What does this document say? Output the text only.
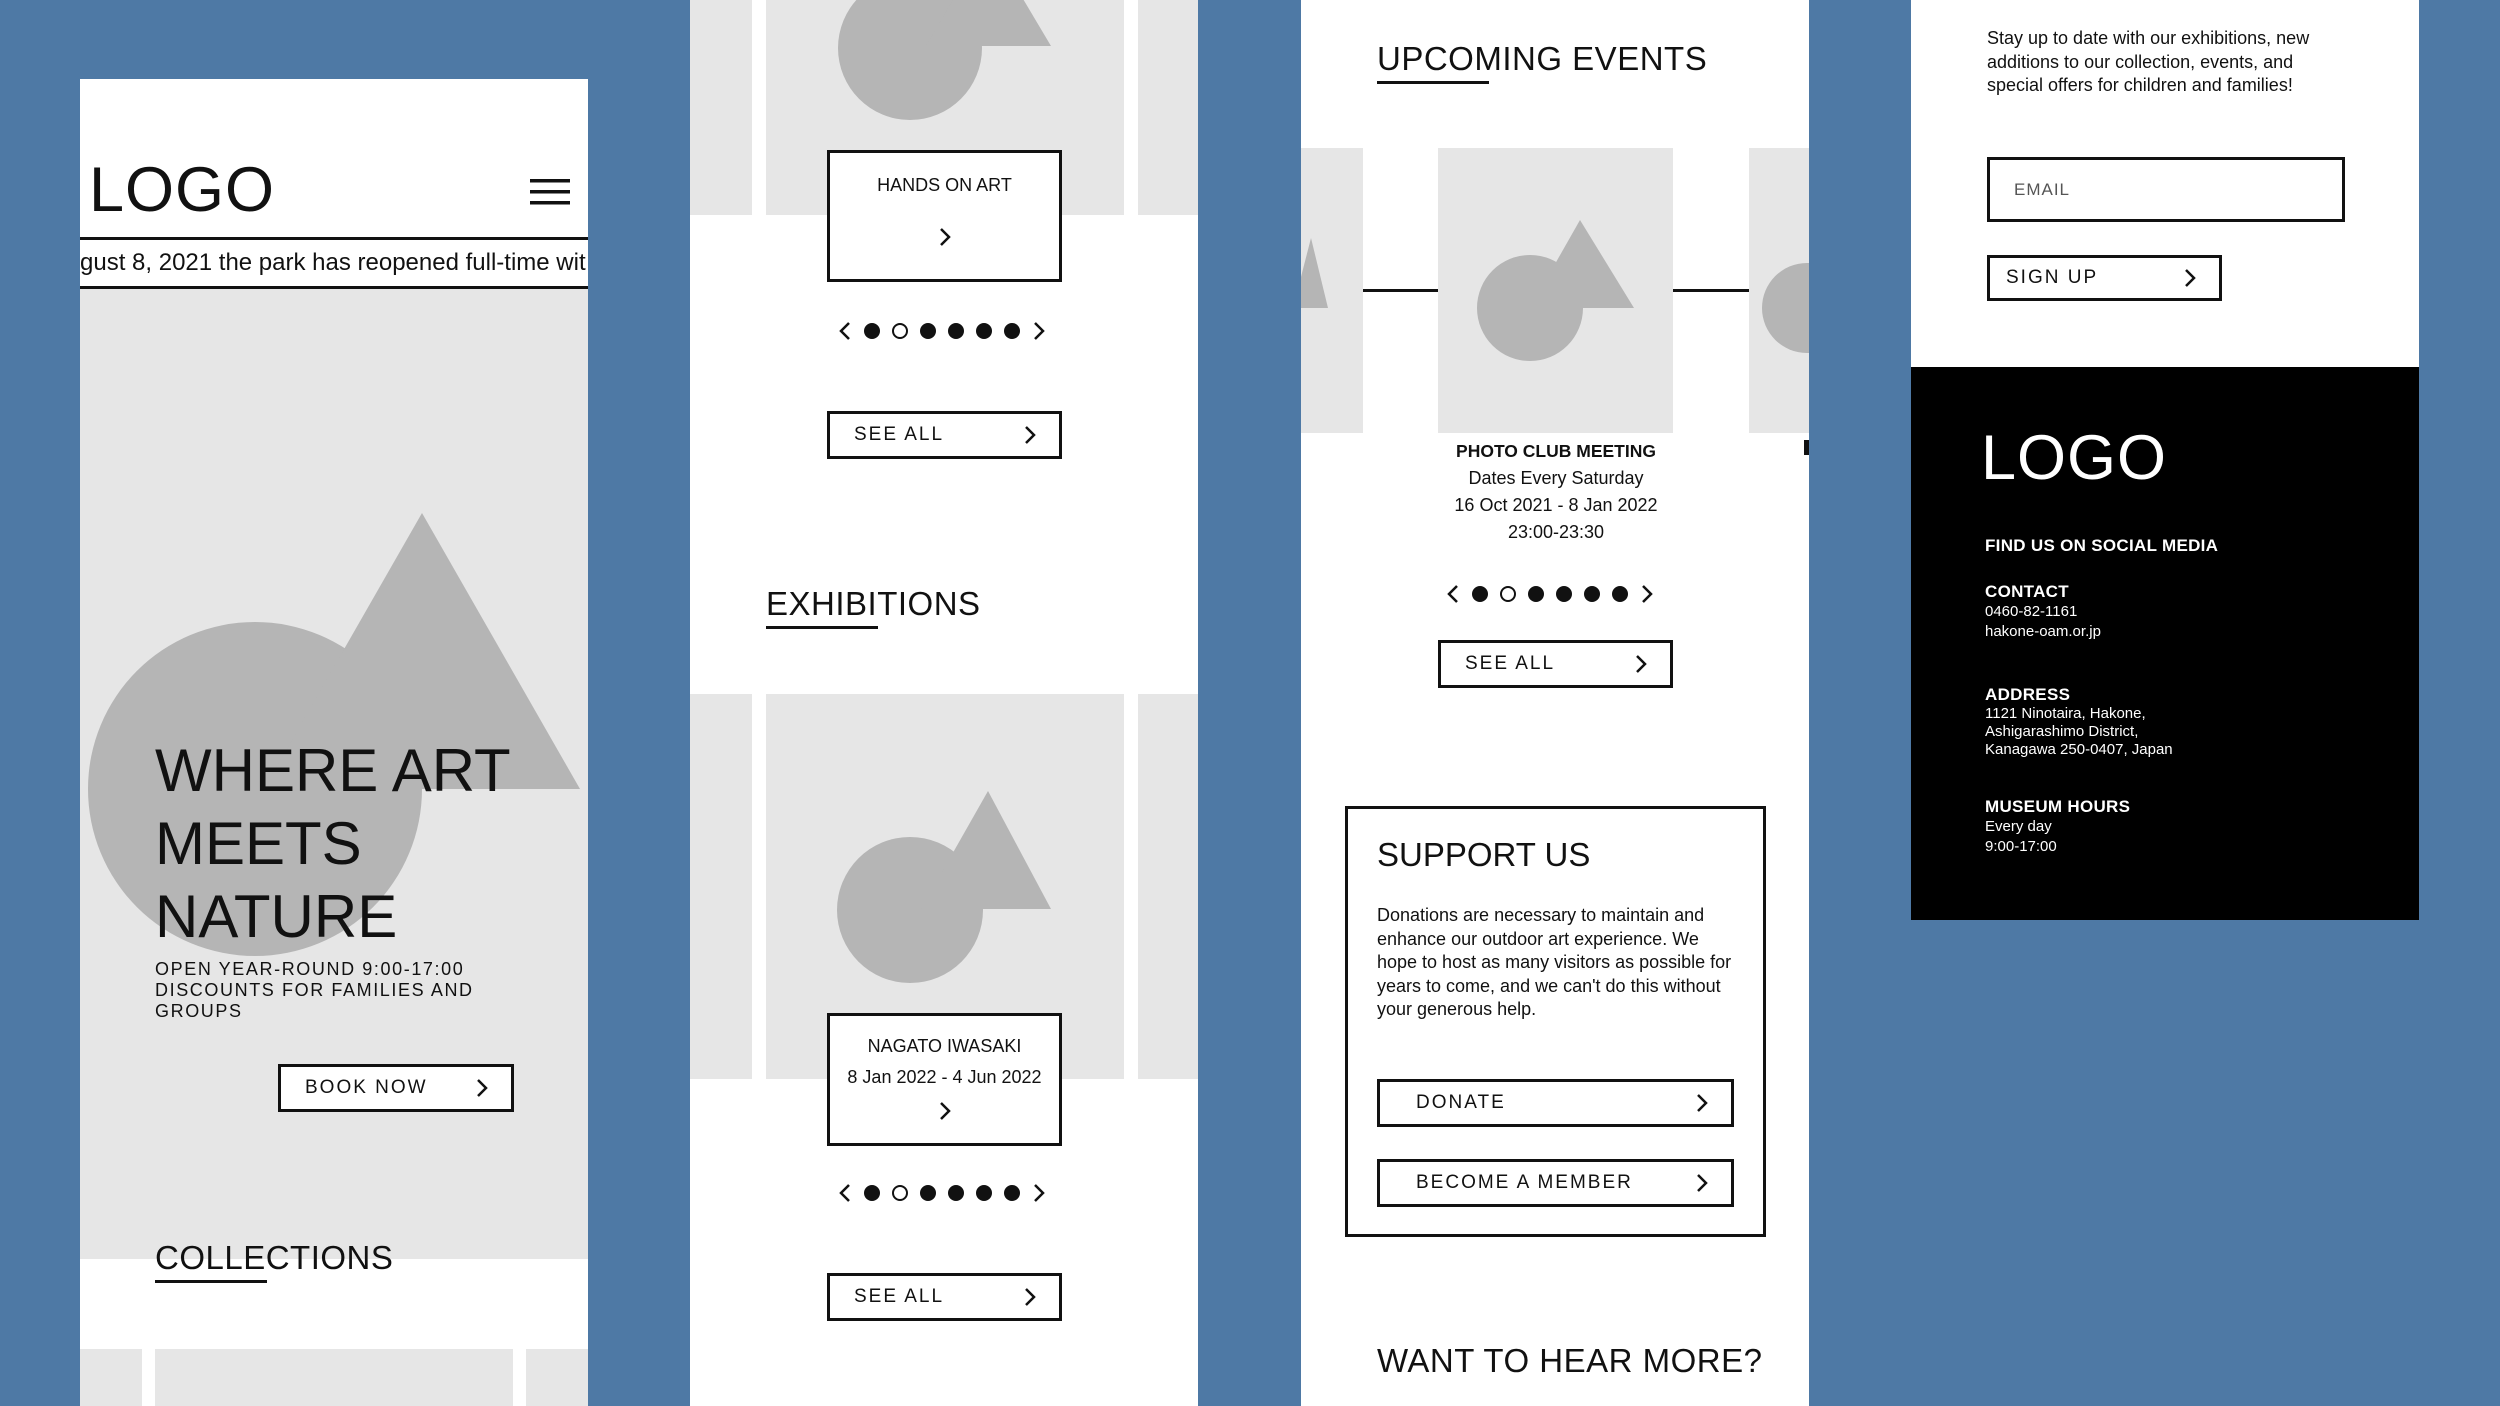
LOGO
gust 8, 2021 the park has reopened full-time wit
WHERE ART
MEETS
NATURE
OPEN YEAR-ROUND 9:00-17:00
DISCOUNTS FOR FAMILIES AND
GROUPS
BOOK NOW
COLLECTIONS
HANDS ON ART
SEE ALL
EXHIBITIONS
NAGATO IWASAKI
8 Jan 2022 - 4 Jun 2022
SEE ALL
UPCOMING EVENTS
PHOTO CLUB MEETING
Dates Every Saturday
16 Oct 2021 - 8 Jan 2022
23:00-23:30
SEE ALL
SUPPORT US
Donations are necessary to maintain and enhance our outdoor art experience. We hope to host as many visitors as possible for years to come, and we can't do this without your generous help.
DONATE
BECOME A MEMBER
WANT TO HEAR MORE?
Stay up to date with our exhibitions, new additions to our collection, events, and special offers for children and families!
EMAIL
SIGN UP
LOGO
FIND US ON SOCIAL MEDIA
CONTACT
0460-82-1161
hakone-oam.or.jp
ADDRESS
1121 Ninotaira, Hakone,
Ashigarashimo District,
Kanagawa 250-0407, Japan
MUSEUM HOURS
Every day
9:00-17:00
